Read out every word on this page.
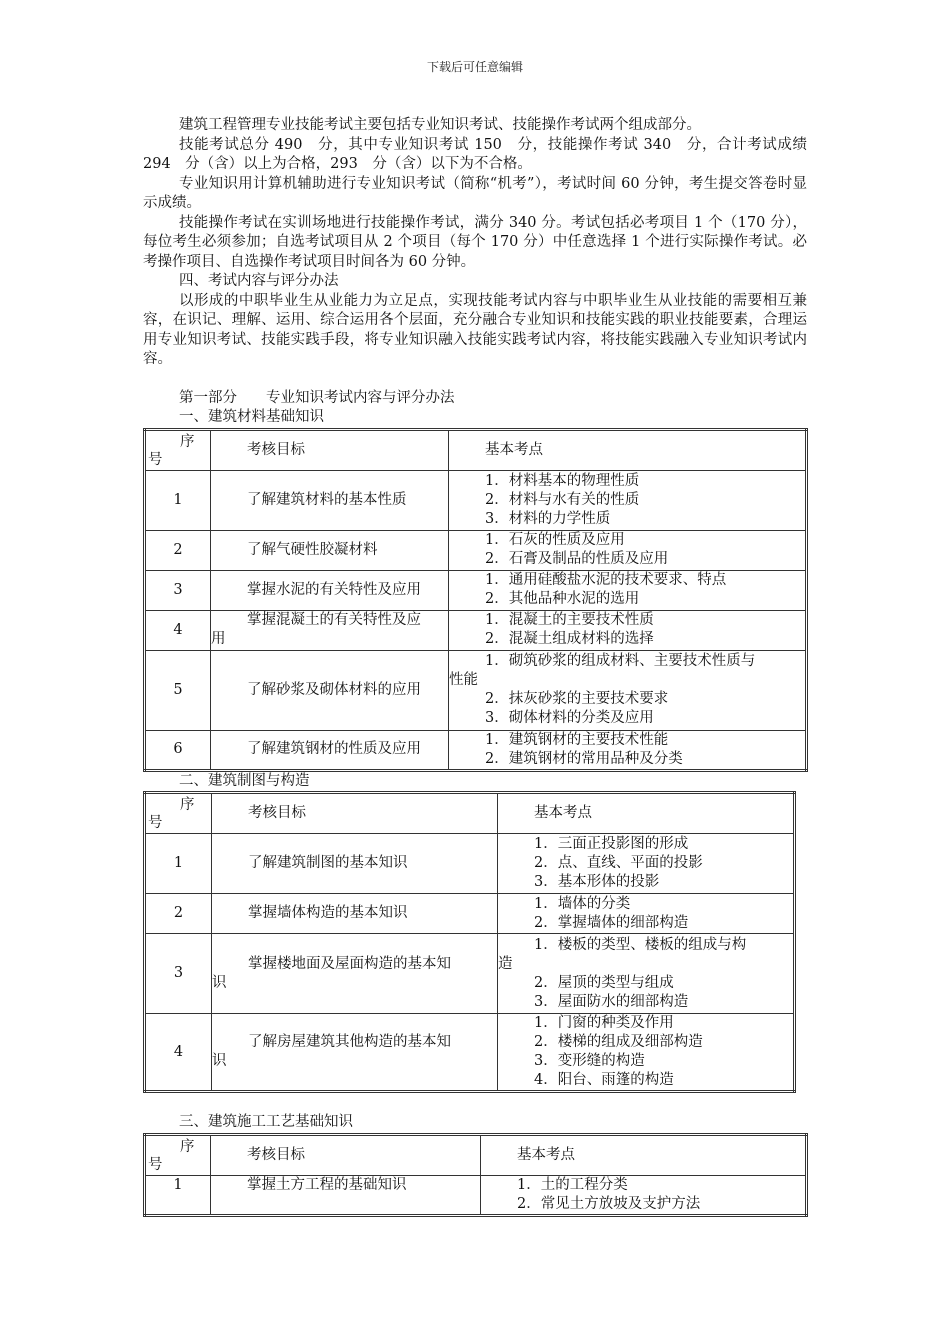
下载后可任意编辑

建筑工程管理专业技能考试主要包括专业知识考试、技能操作考试两个组成部分。

技能考试总分 490　分，其中专业知识考试 150　分，技能操作考试 340　分，合计考试成绩 294　分（含）以上为合格，293　分（含）以下为不合格。

专业知识用计算机辅助进行专业知识考试（简称“机考”），考试时间 60 分钟，考生提交答卷时显示成绩。

技能操作考试在实训场地进行技能操作考试，满分 340 分。考试包括必考项目 1 个（170 分），每位考生必须参加；自选考试项目从 2 个项目（每个 170 分）中任意选择 1 个进行实际操作考试。必考操作项目、自选操作考试项目时间各为 60 分钟。

四、考试内容与评分办法

以形成的中职毕业生从业能力为立足点，实现技能考试内容与中职毕业生从业技能的需要相互兼容，在识记、理解、运用、综合运用各个层面，充分融合专业知识和技能实践的职业技能要素，合理运用专业知识考试、技能实践手段，将专业知识融入技能实践考试内容，将技能实践融入专业知识考试内容。

第一部分　　专业知识考试内容与评分办法

一、建筑材料基础知识

序
号	考核目标	基本考点
1	了解建筑材料的基本性质	1．材料基本的物理性质
2．材料与水有关的性质
3．材料的力学性质

2	了解气硬性胶凝材料	1．石灰的性质及应用
2．石膏及制品的性质及应用

3	掌握水泥的有关特性及应用	1．通用硅酸盐水泥的技术要求、特点
2．其他品种水泥的选用

4	掌握混凝土的有关特性及应
用	1．混凝土的主要技术性质
2．混凝土组成材料的选择

5	了解砂浆及砌体材料的应用	1．砌筑砂浆的组成材料、主要技术性质与
性能
2．抹灰砂浆的主要技术要求
3．砌体材料的分类及应用

6	了解建筑钢材的性质及应用	1．建筑钢材的主要技术性能
2．建筑钢材的常用品种及分类

二、建筑制图与构造

序
号	考核目标	基本考点
1	了解建筑制图的基本知识	1．三面正投影图的形成
2．点、直线、平面的投影
3．基本形体的投影

2	掌握墙体构造的基本知识	1．墙体的分类
2．掌握墙体的细部构造

3	掌握楼地面及屋面构造的基本知
识	1．楼板的类型、楼板的组成与构
造
2．屋顶的类型与组成
3．屋面防水的细部构造

4	了解房屋建筑其他构造的基本知
识	1．门窗的种类及作用
2．楼梯的组成及细部构造
3．变形缝的构造
4．阳台、雨篷的构造

三、建筑施工工艺基础知识

序
号	考核目标	基本考点
1	掌握土方工程的基础知识	1．土的工程分类
2．常见土方放坡及支护方法
